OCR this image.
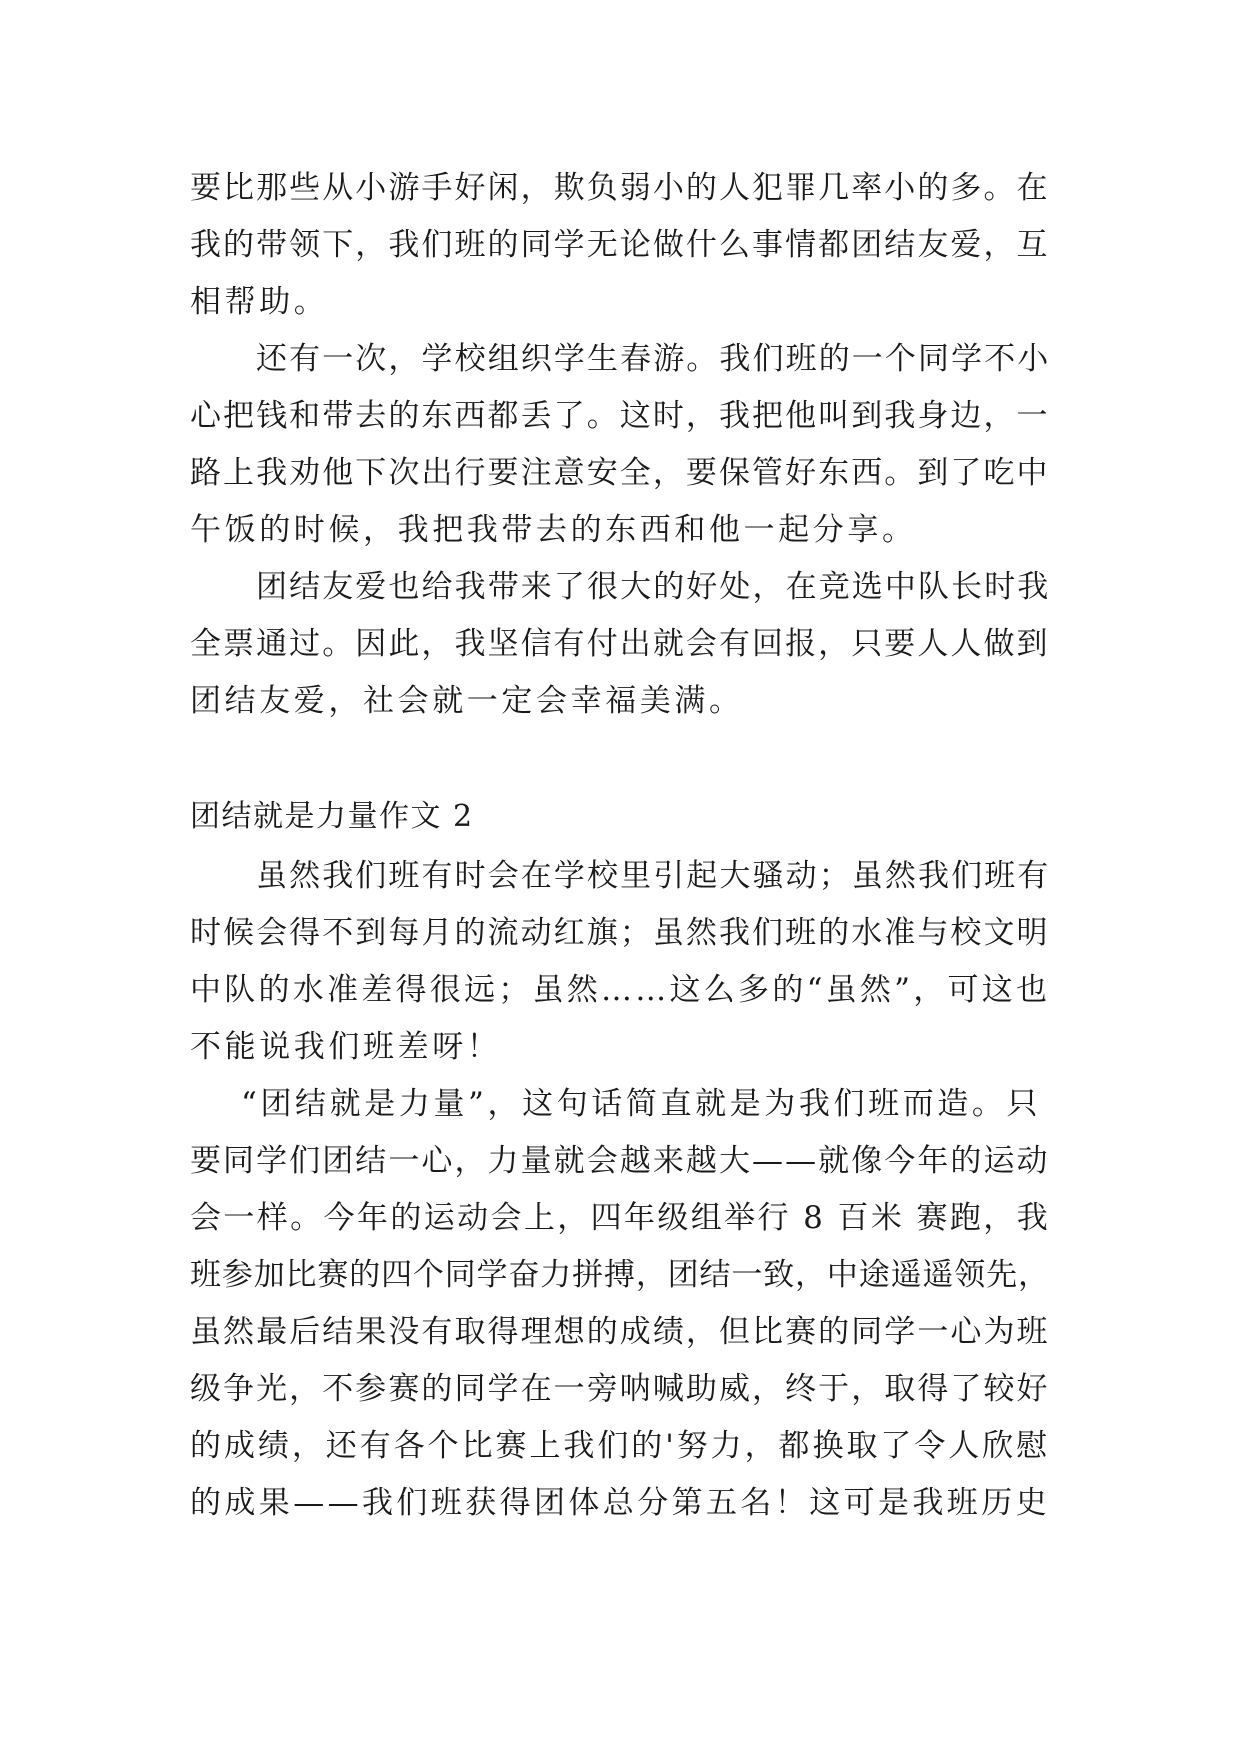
要比那些从小游手好闲，欺负弱小的人犯罪几率小的多。在
我的带领下，我们班的同学无论做什么事情都团结友爱，互
相帮助。
还有一次，学校组织学生春游。我们班的一个同学不小
心把钱和带去的东西都丢了。这时，我把他叫到我身边，一
路上我劝他下次出行要注意安全，要保管好东西。到了吃中
午饭的时候，我把我带去的东西和他一起分享。
团结友爱也给我带来了很大的好处，在竞选中队长时我
全票通过。因此，我坚信有付出就会有回报，只要人人做到
团结友爱，社会就一定会幸福美满。
团结就是力量作文 2
虽然我们班有时会在学校里引起大骚动；虽然我们班有
时候会得不到每月的流动红旗；虽然我们班的水准与校文明
中队的水准差得很远；虽然……这么多的“虽然”，可这也
不能说我们班差呀！
“团结就是力量”，这句话简直就是为我们班而造。只
要同学们团结一心，力量就会越来越大——就像今年的运动
会一样。今年的运动会上，四年级组举行 8 百米 赛跑，我
班参加比赛的四个同学奋力拼搏，团结一致，中途遥遥领先，
虽然最后结果没有取得理想的成绩，但比赛的同学一心为班
级争光，不参赛的同学在一旁呐喊助威，终于，取得了较好
的成绩，还有各个比赛上我们的'努力，都换取了令人欣慰
的成果——我们班获得团体总分第五名！这可是我班历史
